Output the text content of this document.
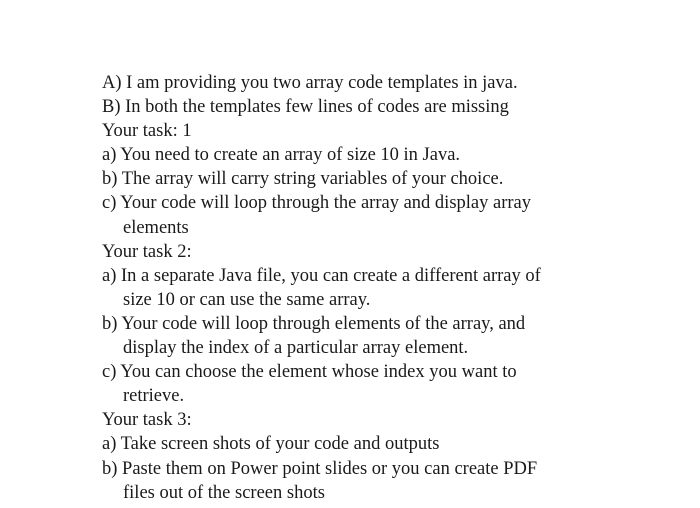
A) I am providing you two array code templates in java.
B) In both the templates few lines of codes are missing
Your task: 1
a) You need to create an array of size 10 in Java.
b) The array will carry string variables of your choice.
c) Your code will loop through the array and display array
elements
Your task 2:
a) In a separate Java file, you can create a different array of
size 10 or can use the same array.
b) Your code will loop through elements of the array, and
display the index of a particular array element.
c) You can choose the element whose index you want to
retrieve.
Your task 3:
a) Take screen shots of your code and outputs
b) Paste them on Power point slides or you can create PDF
files out of the screen shots
